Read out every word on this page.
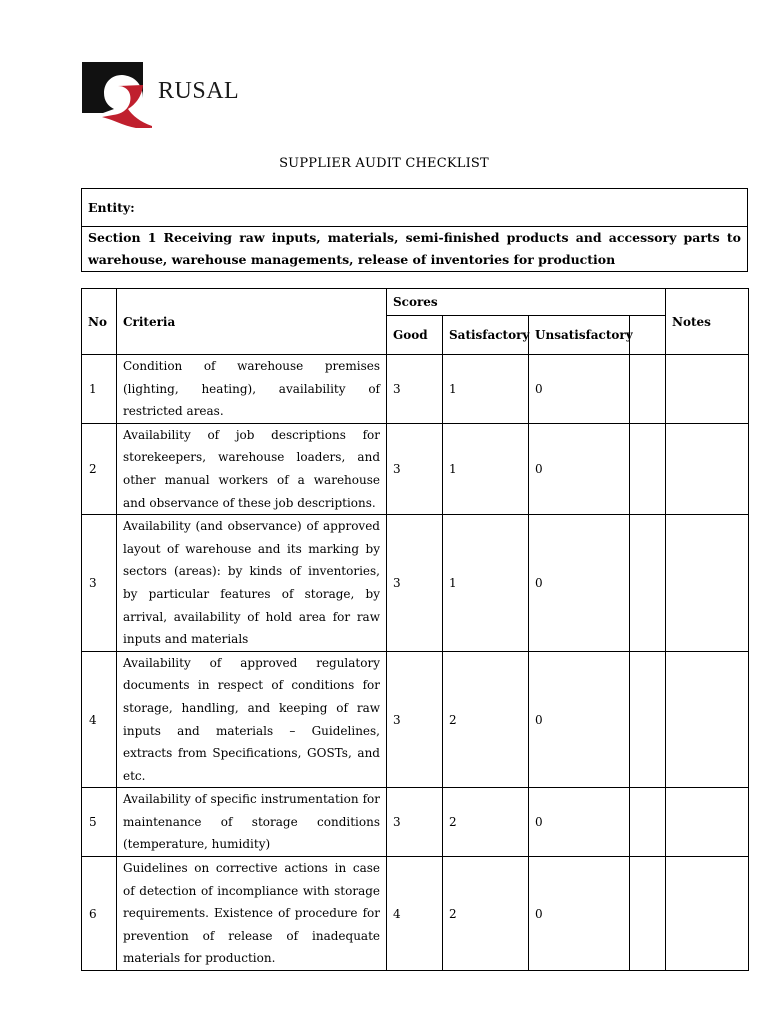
RUSAL
SUPPLIER AUDIT CHECKLIST
Entity:
Section 1 Receiving raw inputs, materials, semi-finished products and accessory parts to warehouse, warehouse managements, release of inventories for production
No	Criteria	Scores				Notes
		Good	Satisfactory	Unsatisfactory		
1	Condition of warehouse premises (lighting, heating), availability of restricted areas.	3	1	0		
2	Availability of job descriptions for storekeepers, warehouse loaders, and other manual workers of a warehouse and observance of these job descriptions.	3	1	0		
3	Availability (and observance) of approved layout of warehouse and its marking by sectors (areas): by kinds of inventories, by particular features of storage, by arrival, availability of hold area for raw inputs and materials	3	1	0		
4	Availability of approved regulatory documents in respect of conditions for storage, handling, and keeping of raw inputs and materials – Guidelines, extracts from Specifications, GOSTs, and etc.	3	2	0		
5	Availability of specific instrumentation for maintenance of storage conditions (temperature, humidity)	3	2	0		
6	Guidelines on corrective actions in case of detection of incompliance with storage requirements. Existence of procedure for prevention of release of inadequate materials for production.	4	2	0		
